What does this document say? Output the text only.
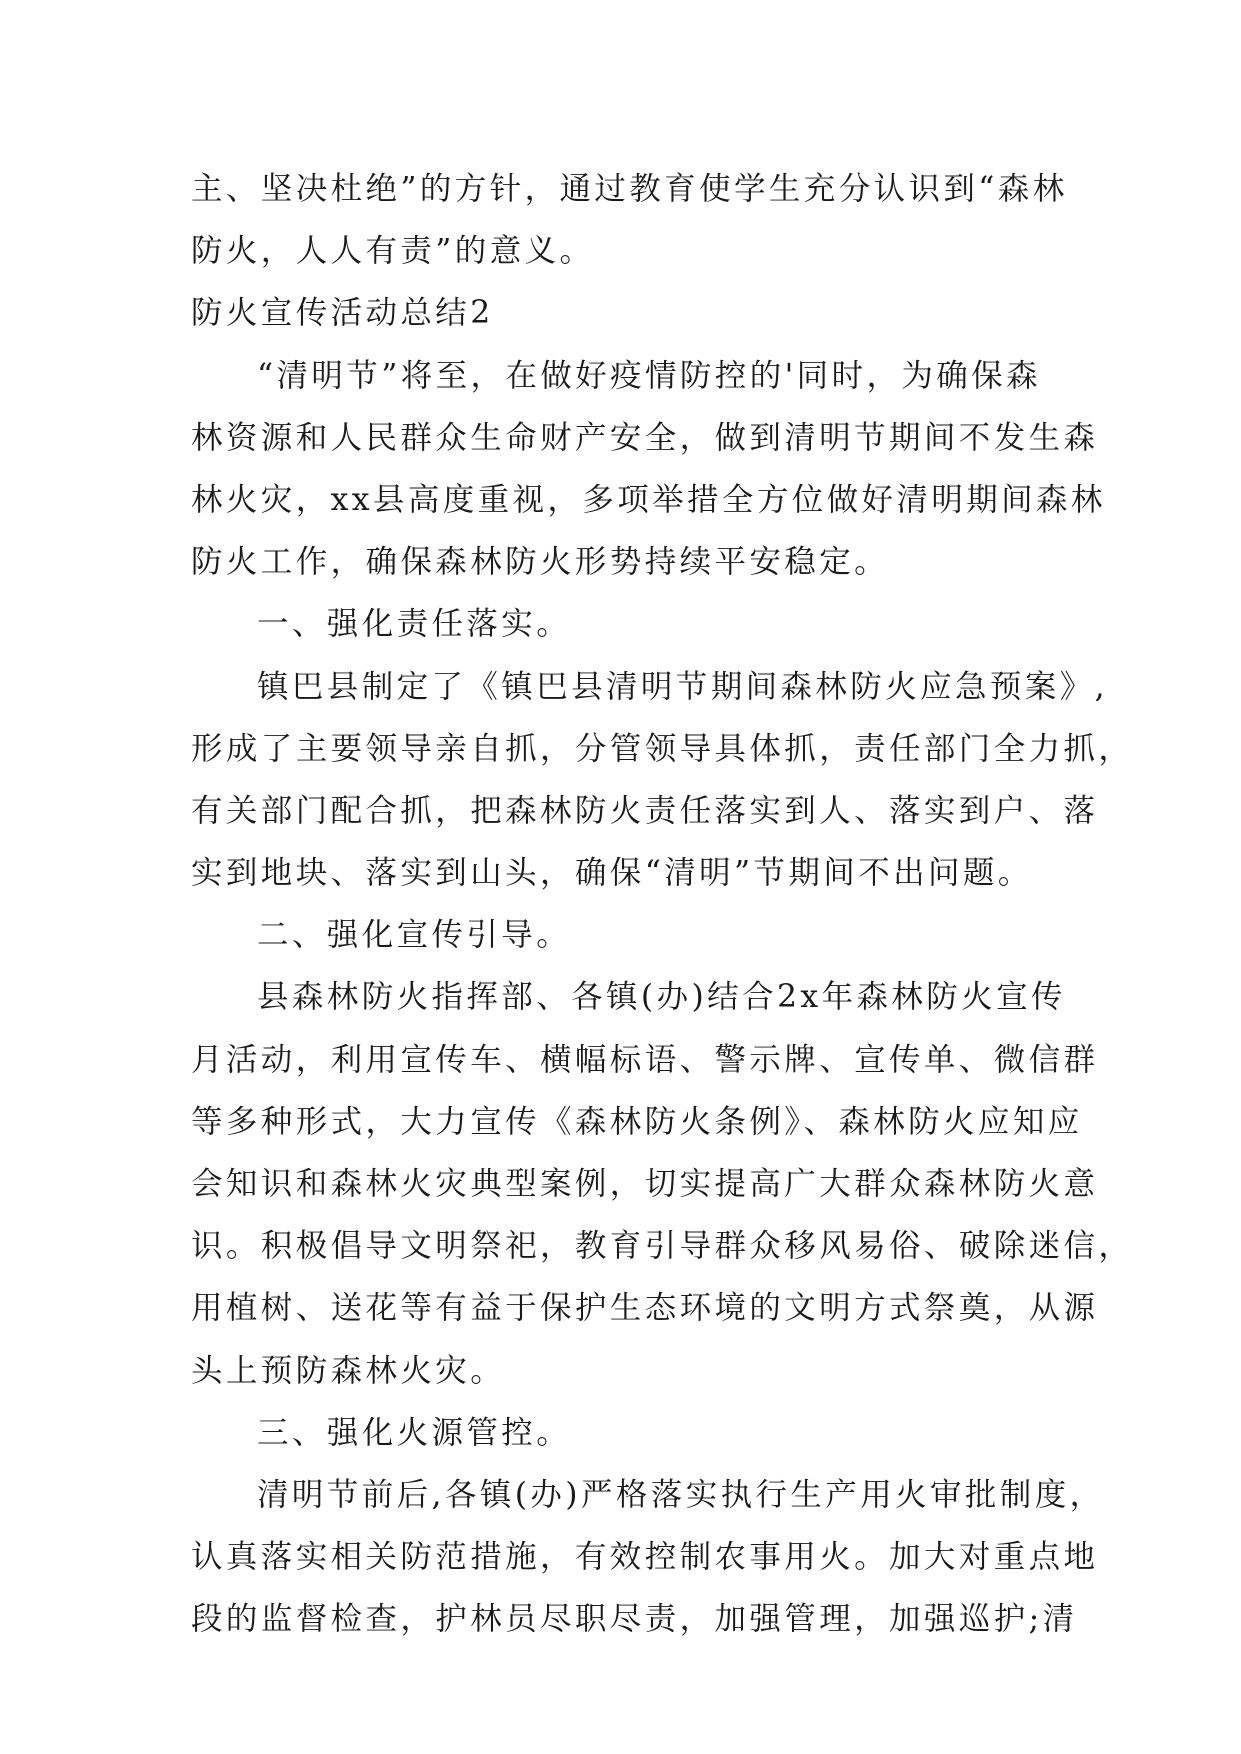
主、坚决杜绝”的方针，通过教育使学生充分认识到“森林
防火，人人有责”的意义。
防火宣传活动总结2
“清明节”将至，在做好疫情防控的'同时，为确保森
林资源和人民群众生命财产安全，做到清明节期间不发生森
林火灾，xx县高度重视，多项举措全方位做好清明期间森林
防火工作，确保森林防火形势持续平安稳定。
一、强化责任落实。
镇巴县制定了《镇巴县清明节期间森林防火应急预案》,
形成了主要领导亲自抓，分管领导具体抓，责任部门全力抓，
有关部门配合抓，把森林防火责任落实到人、落实到户、落
实到地块、落实到山头，确保“清明”节期间不出问题。
二、强化宣传引导。
县森林防火指挥部、各镇(办)结合2x年森林防火宣传
月活动，利用宣传车、横幅标语、警示牌、宣传单、微信群
等多种形式，大力宣传《森林防火条例》、森林防火应知应
会知识和森林火灾典型案例，切实提高广大群众森林防火意
识。积极倡导文明祭祀，教育引导群众移风易俗、破除迷信，
用植树、送花等有益于保护生态环境的文明方式祭奠，从源
头上预防森林火灾。
三、强化火源管控。
清明节前后,各镇(办)严格落实执行生产用火审批制度，
认真落实相关防范措施，有效控制农事用火。加大对重点地
段的监督检查，护林员尽职尽责，加强管理，加强巡护;清
